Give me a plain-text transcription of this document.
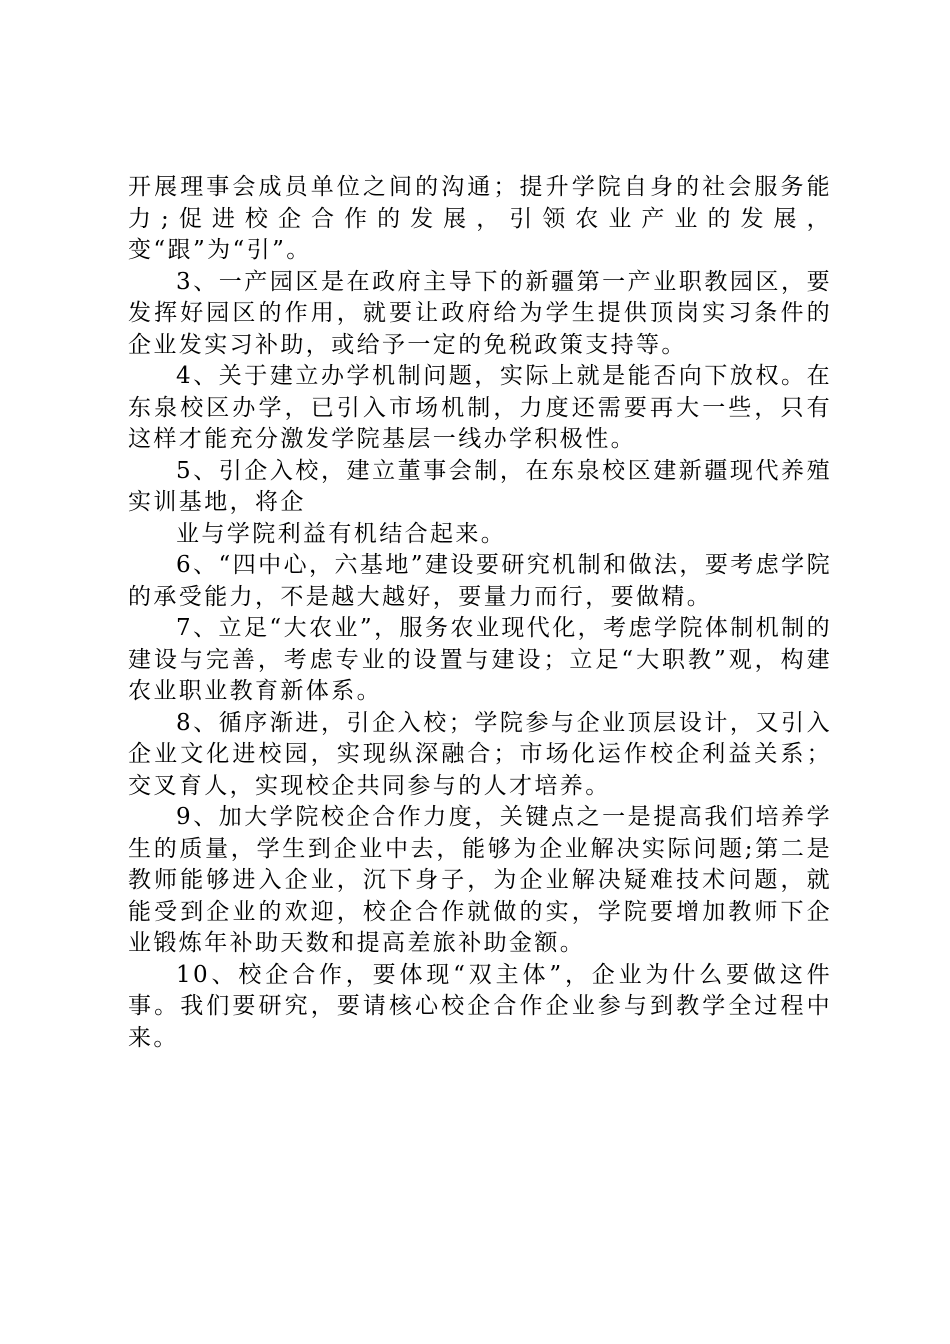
开展理事会成员单位之间的沟通；提升学院自身的社会服务能力;促进校企合作的发展，引领农业产业的发展，变“跟”为“引”。

3、一产园区是在政府主导下的新疆第一产业职教园区，要发挥好园区的作用，就要让政府给为学生提供顶岗实习条件的企业发实习补助，或给予一定的免税政策支持等。

4、关于建立办学机制问题，实际上就是能否向下放权。在东泉校区办学，已引入市场机制，力度还需要再大一些，只有这样才能充分激发学院基层一线办学积极性。

5、引企入校，建立董事会制，在东泉校区建新疆现代养殖实训基地，将企

业与学院利益有机结合起来。

6、“四中心，六基地”建设要研究机制和做法，要考虑学院的承受能力，不是越大越好，要量力而行，要做精。

7、立足“大农业”，服务农业现代化，考虑学院体制机制的建设与完善，考虑专业的设置与建设；立足“大职教”观，构建农业职业教育新体系。

8、循序渐进，引企入校；学院参与企业顶层设计，又引入企业文化进校园，实现纵深融合；市场化运作校企利益关系；交叉育人，实现校企共同参与的人才培养。

9、加大学院校企合作力度，关键点之一是提高我们培养学生的质量，学生到企业中去，能够为企业解决实际问题;第二是教师能够进入企业，沉下身子，为企业解决疑难技术问题，就能受到企业的欢迎，校企合作就做的实，学院要增加教师下企业锻炼年补助天数和提高差旅补助金额。

10、校企合作，要体现“双主体”，企业为什么要做这件事。我们要研究，要请核心校企合作企业参与到教学全过程中来。
